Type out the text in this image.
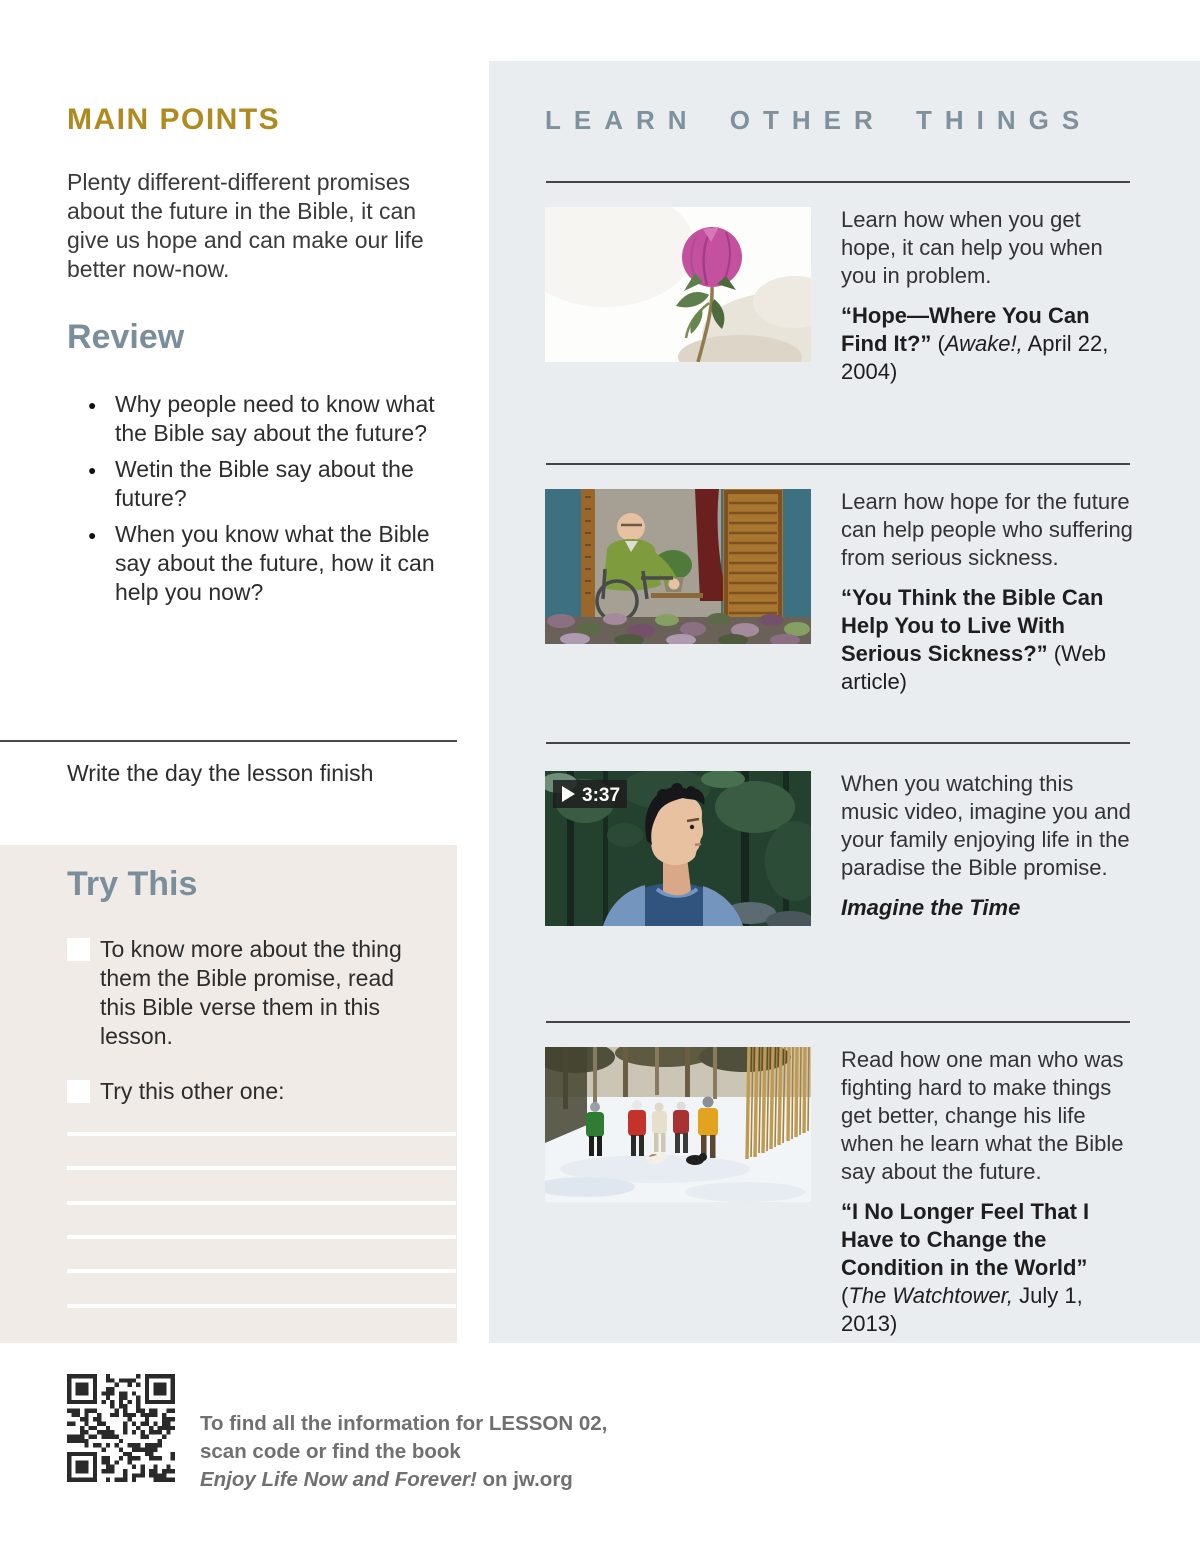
MAIN POINTS

Plenty different-different promises about the future in the Bible, it can give us hope and can make our life better now-now.

Review
● Why people need to know what the Bible say about the future?
● Wetin the Bible say about the future?
● When you know what the Bible say about the future, how it can help you now?

Write the day the lesson finish

Try This

To know more about the thing them the Bible promise, read this Bible verse them in this lesson.

Try this other one:

To find all the information for LESSON 02,
scan code or find the book
Enjoy Life Now and Forever! on jw.org

LEARN OTHER THINGS

Learn how when you get hope, it can help you when you in problem.

“Hope—Where You Can Find It?” (Awake!, April 22, 2004)

Learn how hope for the future can help people who suffering from serious sickness.

“You Think the Bible Can Help You to Live With Serious Sickness?” (Web article)

3:37	When you watching this music video, imagine you and your family enjoying life in the paradise the Bible promise.

Imagine the Time

Read how one man who was fighting hard to make things get better, change his life when he learn what the Bible say about the future.

“I No Longer Feel That I Have to Change the Condition in the World” (The Watchtower, July 1, 2013)
